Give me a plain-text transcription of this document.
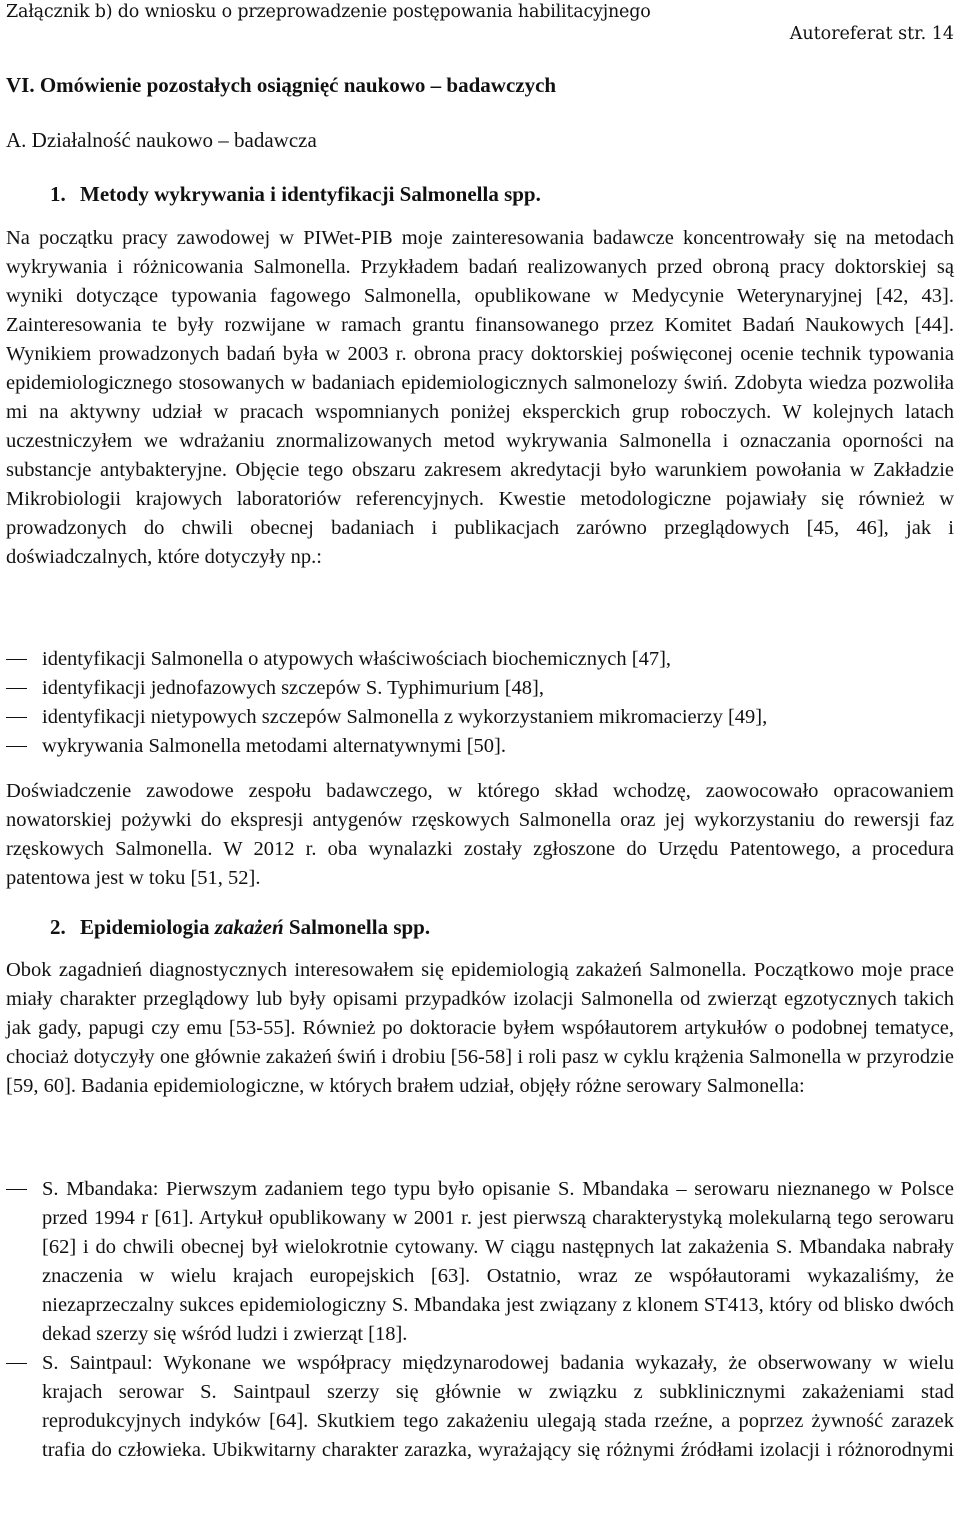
Załącznik b) do wniosku o przeprowadzenie postępowania habilitacyjnego
Autoreferat str. 14
VI. Omówienie pozostałych osiągnięć naukowo – badawczych
A. Działalność naukowo – badawcza
1. Metody wykrywania i identyfikacji Salmonella spp.

Na początku pracy zawodowej w PIWet-PIB moje zainteresowania badawcze koncentrowały się na metodach wykrywania i różnicowania Salmonella. Przykładem badań realizowanych przed obroną pracy doktorskiej są wyniki dotyczące typowania fagowego Salmonella, opublikowane w Medycynie Weterynaryjnej [42, 43]. Zainteresowania te były rozwijane w ramach grantu finansowanego przez Komitet Badań Naukowych [44]. Wynikiem prowadzonych badań była w 2003 r. obrona pracy doktorskiej poświęconej ocenie technik typowania epidemiologicznego stosowanych w badaniach epidemiologicznych salmonelozy świń. Zdobyta wiedza pozwoliła mi na aktywny udział w pracach wspomnianych poniżej eksperckich grup roboczych. W kolejnych latach uczestniczyłem we wdrażaniu znormalizowanych metod wykrywania Salmonella i oznaczania oporności na substancje antybakteryjne. Objęcie tego obszaru zakresem akredytacji było warunkiem powołania w Zakładzie Mikrobiologii krajowych laboratoriów referencyjnych. Kwestie metodologiczne pojawiały się również w prowadzonych do chwili obecnej badaniach i publikacjach zarówno przeglądowych [45, 46], jak i doświadczalnych, które dotyczyły np.:

identyfikacji Salmonella o atypowych właściwościach biochemicznych [47],
identyfikacji jednofazowych szczepów S. Typhimurium [48],
identyfikacji nietypowych szczepów Salmonella z wykorzystaniem mikromacierzy [49],
wykrywania Salmonella metodami alternatywnymi [50].

Doświadczenie zawodowe zespołu badawczego, w którego skład wchodzę, zaowocowało opracowaniem nowatorskiej pożywki do ekspresji antygenów rzęskowych Salmonella oraz jej wykorzystaniu do rewersji faz rzęskowych Salmonella. W 2012 r. oba wynalazki zostały zgłoszone do Urzędu Patentowego, a procedura patentowa jest w toku [51, 52].

2. Epidemiologia zakażeń Salmonella spp.

Obok zagadnień diagnostycznych interesowałem się epidemiologią zakażeń Salmonella. Początkowo moje prace miały charakter przeglądowy lub były opisami przypadków izolacji Salmonella od zwierząt egzotycznych takich jak gady, papugi czy emu [53-55]. Również po doktoracie byłem współautorem artykułów o podobnej tematyce, chociaż dotyczyły one głównie zakażeń świń i drobiu [56-58] i roli pasz w cyklu krążenia Salmonella w przyrodzie [59, 60]. Badania epidemiologiczne, w których brałem udział, objęły różne serowary Salmonella:

S. Mbandaka: Pierwszym zadaniem tego typu było opisanie S. Mbandaka – serowaru nieznanego w Polsce przed 1994 r [61]. Artykuł opublikowany w 2001 r. jest pierwszą charakterystyką molekularną tego serowaru [62] i do chwili obecnej był wielokrotnie cytowany. W ciągu następnych lat zakażenia S. Mbandaka nabrały znaczenia w wielu krajach europejskich [63]. Ostatnio, wraz ze współautorami wykazaliśmy, że niezaprzeczalny sukces epidemiologiczny S. Mbandaka jest związany z klonem ST413, który od blisko dwóch dekad szerzy się wśród ludzi i zwierząt [18].
S. Saintpaul: Wykonane we współpracy międzynarodowej badania wykazały, że obserwowany w wielu krajach serowar S. Saintpaul szerzy się głównie w związku z subklinicznymi zakażeniami stad reprodukcyjnych indyków [64]. Skutkiem tego zakażeniu ulegają stada rzeźne, a poprzez żywność zarazek trafia do człowieka. Ubikwitarny charakter zarazka, wyrażający się różnymi źródłami izolacji i różnorodnymi
